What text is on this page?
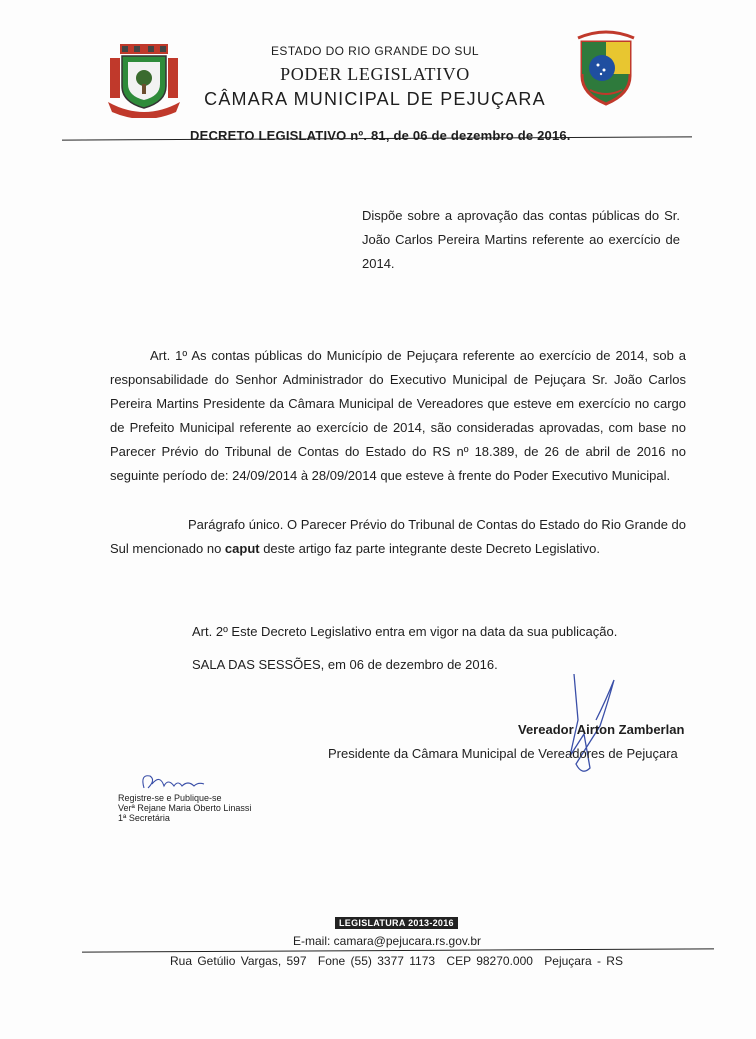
ESTADO DO RIO GRANDE DO SUL
PODER LEGISLATIVO
CÂMARA MUNICIPAL DE PEJUÇARA
DECRETO LEGISLATIVO nº. 81, de 06 de dezembro de 2016.
Dispõe sobre a aprovação das contas públicas do Sr. João Carlos Pereira Martins referente ao exercício de 2014.
Art. 1º As contas públicas do Município de Pejuçara referente ao exercício de 2014, sob a responsabilidade do Senhor Administrador do Executivo Municipal de Pejuçara Sr. João Carlos Pereira Martins Presidente da Câmara Municipal de Vereadores que esteve em exercício no cargo de Prefeito Municipal referente ao exercício de 2014, são consideradas aprovadas, com base no Parecer Prévio do Tribunal de Contas do Estado do RS nº 18.389, de 26 de abril de 2016 no seguinte período de: 24/09/2014 à 28/09/2014 que esteve à frente do Poder Executivo Municipal.
Parágrafo único. O Parecer Prévio do Tribunal de Contas do Estado do Rio Grande do Sul mencionado no caput deste artigo faz parte integrante deste Decreto Legislativo.
Art. 2º Este Decreto Legislativo entra em vigor na data da sua publicação.
SALA DAS SESSÕES, em 06 de dezembro de 2016.
Vereador Airton Zamberlan
Presidente da Câmara Municipal de Vereadores de Pejuçara
Registre-se e Publique-se
Verª Rejane Maria Oberto Linassi
1ª Secretária
LEGISLATURA 2013-2016
E-mail: camara@pejucara.rs.gov.br
Rua Getúlio Vargas, 597 Fone (55) 3377 1173 CEP 98270.000 Pejuçara - RS
